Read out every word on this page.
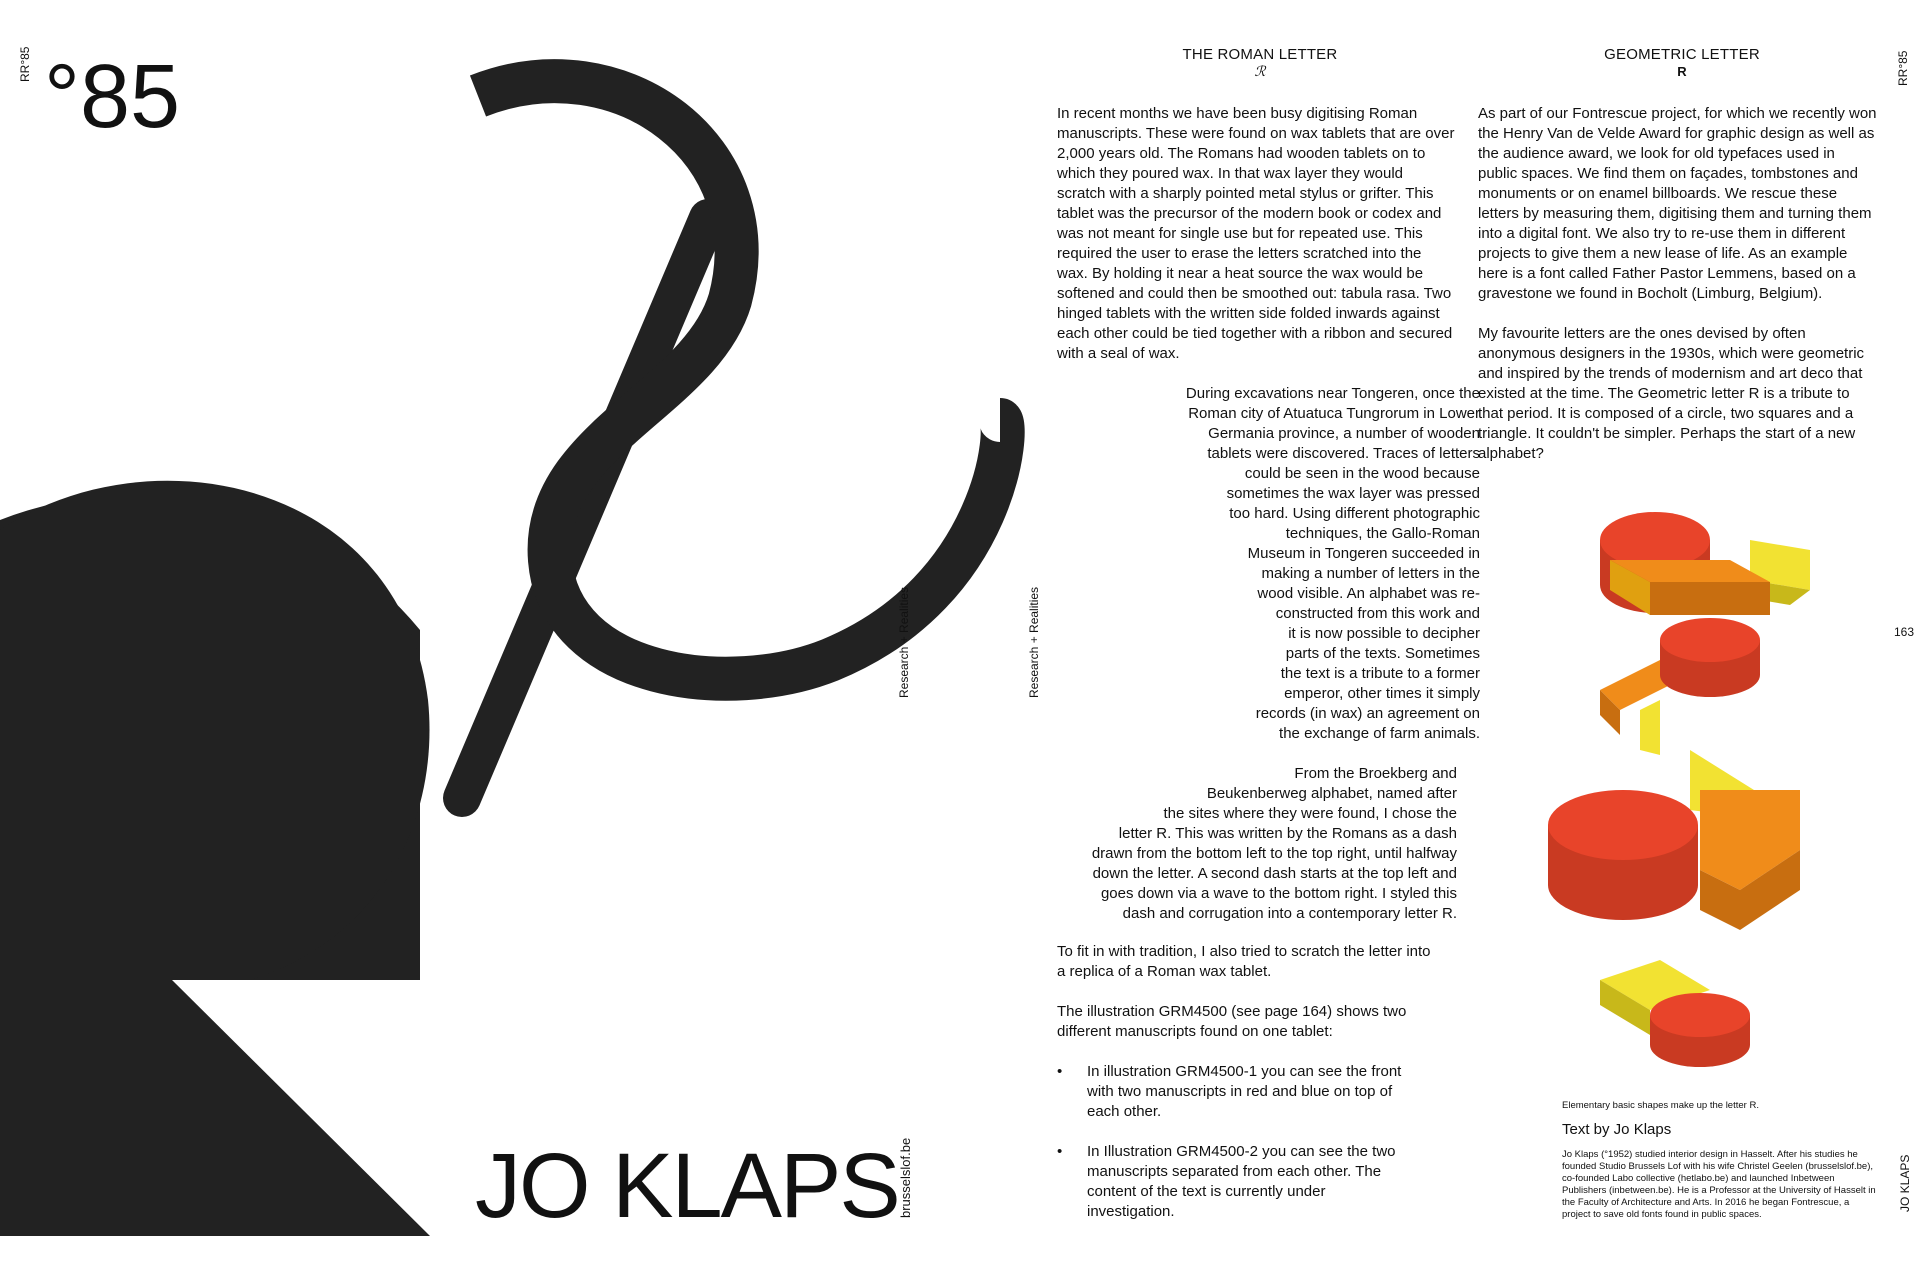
RR°85 °85
Research + Realities	Research + Realities
JO KLAPS brusselslof.be
THE ROMAN LETTER
ℛ
GEOMETRIC LETTER
R	RR°85
163
JO KLAPS

In recent months we have been busy digitising Roman manuscripts. These were found on wax tablets that are over 2,000 years old. The Romans had wooden tablets on to which they poured wax. In that wax layer they would scratch with a sharply pointed metal stylus or grifter. This tablet was the precursor of the modern book or codex and was not meant for single use but for repeated use. This required the user to erase the letters scratched into the wax. By holding it near a heat source the wax would be softened and could then be smoothed out: tabula rasa. Two hinged tablets with the written side folded inwards against each other could be tied together with a ribbon and secured with a seal of wax.

During excavations near Tongeren, once the

Roman city of Atuatuca Tungrorum in Lower

Germania province, a number of wooden

tablets were discovered. Traces of letters

could be seen in the wood because

sometimes the wax layer was pressed

too hard. Using different photographic

techniques, the Gallo-Roman

Museum in Tongeren succeeded in

making a number of letters in the

wood visible. An alphabet was re-

constructed from this work and

it is now possible to decipher

parts of the texts. Sometimes

the text is a tribute to a former

emperor, other times it simply

records (in wax) an agreement on

the exchange of farm animals.

From the Broekberg and

Beukenberweg alphabet, named after

the sites where they were found, I chose the

letter R. This was written by the Romans as a dash

drawn from the bottom left to the top right, until halfway

down the letter. A second dash starts at the top left and

goes down via a wave to the bottom right. I styled this

dash and corrugation into a contemporary letter R.

To fit in with tradition, I also tried to scratch the letter into a replica of a Roman wax tablet.

The illustration GRM4500 (see page 164) shows two different manuscripts found on one tablet:

• In illustration GRM4500-1 you can see the front with two manuscripts in red and blue on top of each other.
• In Illustration GRM4500-2 you can see the two manuscripts separated from each other. The content of the text is currently under investigation.

As part of our Fontrescue project, for which we recently won the Henry Van de Velde Award for graphic design as well as the audience award, we look for old typefaces used in public spaces. We find them on façades, tombstones and monuments or on enamel billboards. We rescue these letters by measuring them, digitising them and turning them into a digital font. We also try to re-use them in different projects to give them a new lease of life. As an example here is a font called Father Pastor Lemmens, based on a gravestone we found in Bocholt (Limburg, Belgium).

My favourite letters are the ones devised by often anonymous designers in the 1930s, which were geometric and inspired by the trends of modernism and art deco that existed at the time. The Geometric letter R is a tribute to that period. It is composed of a circle, two squares and a triangle. It couldn't be simpler. Perhaps the start of a new alphabet?

Elementary basic shapes make up the letter R.
Text by Jo Klaps
Jo Klaps (°1952) studied interior design in Hasselt. After his studies he founded Studio Brussels Lof with his wife Christel Geelen (brusselslof.be), co-founded Labo collective (hetlabo.be) and launched Inbetween Publishers (inbetween.be). He is a Professor at the University of Hasselt in the Faculty of Architecture and Arts. In 2016 he began Fontrescue, a project to save old fonts found in public spaces.
